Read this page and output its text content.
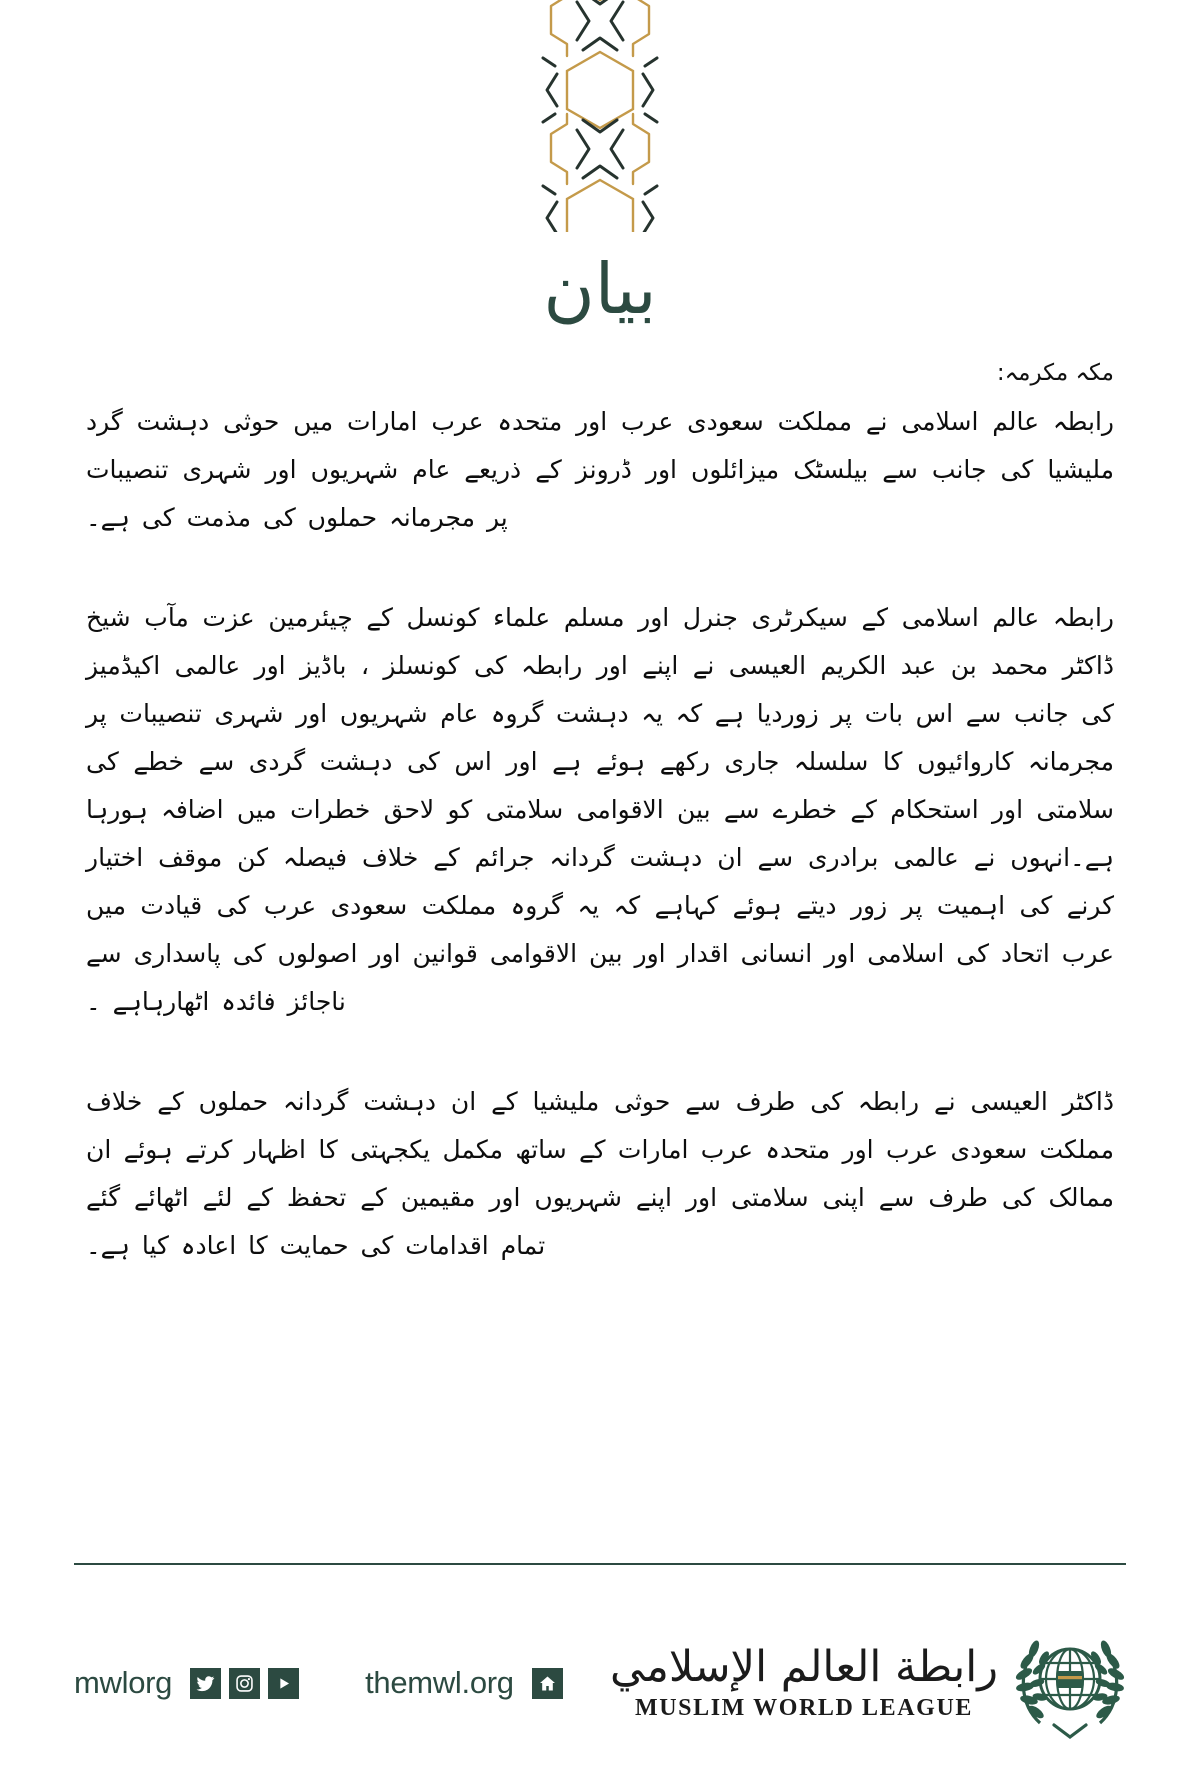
بيان
مکہ مکرمہ:

رابطہ عالم اسلامی نے مملکت سعودی عرب اور متحدہ عرب امارات میں حوثی دہشت گرد ملیشیا کی جانب سے بیلسٹک میزائلوں اور ڈرونز کے ذریعے عام شہریوں اور شہری تنصیبات پر مجرمانہ حملوں کی مذمت کی ہے۔

رابطہ عالم اسلامی کے سیکرٹری جنرل اور مسلم علماء کونسل کے چیئرمین عزت مآب شیخ ڈاکٹر محمد بن عبد الکریم العیسی نے اپنے اور رابطہ کی کونسلز ، باڈیز اور عالمی اکیڈمیز کی جانب سے اس بات پر زوردیا ہے کہ یہ دہشت گروہ عام شہریوں اور شہری تنصیبات پر مجرمانہ کاروائیوں کا سلسلہ جاری رکھے ہوئے ہے اور اس کی دہشت گردی سے خطے کی سلامتی اور استحکام کے خطرے سے بین الاقوامی سلامتی کو لاحق خطرات میں اضافہ ہورہا ہے۔انہوں نے عالمی برادری سے ان دہشت گردانہ جرائم کے خلاف فیصلہ کن موقف اختیار کرنے کی اہمیت پر زور دیتے ہوئے کہاہے کہ یہ گروہ مملکت سعودی عرب کی قیادت میں عرب اتحاد کی اسلامی اور انسانی اقدار اور بین الاقوامی قوانین اور اصولوں کی پاسداری سے ناجائز فائدہ اٹھارہاہے ۔

ڈاکٹر العیسی نے رابطہ کی طرف سے حوثی ملیشیا کے ان دہشت گردانہ حملوں کے خلاف مملکت سعودی عرب اور متحدہ عرب امارات کے ساتھ مکمل یکجہتی کا اظہار کرتے ہوئے ان ممالک کی طرف سے اپنی سلامتی اور اپنے شہریوں اور مقیمین کے تحفظ کے لئے اٹھائے گئے تمام اقدامات کی حمایت کا اعادہ کیا ہے۔

رابطة العالم الإسلامي
MUSLIM WORLD LEAGUE
mwlorg	themwl.org
